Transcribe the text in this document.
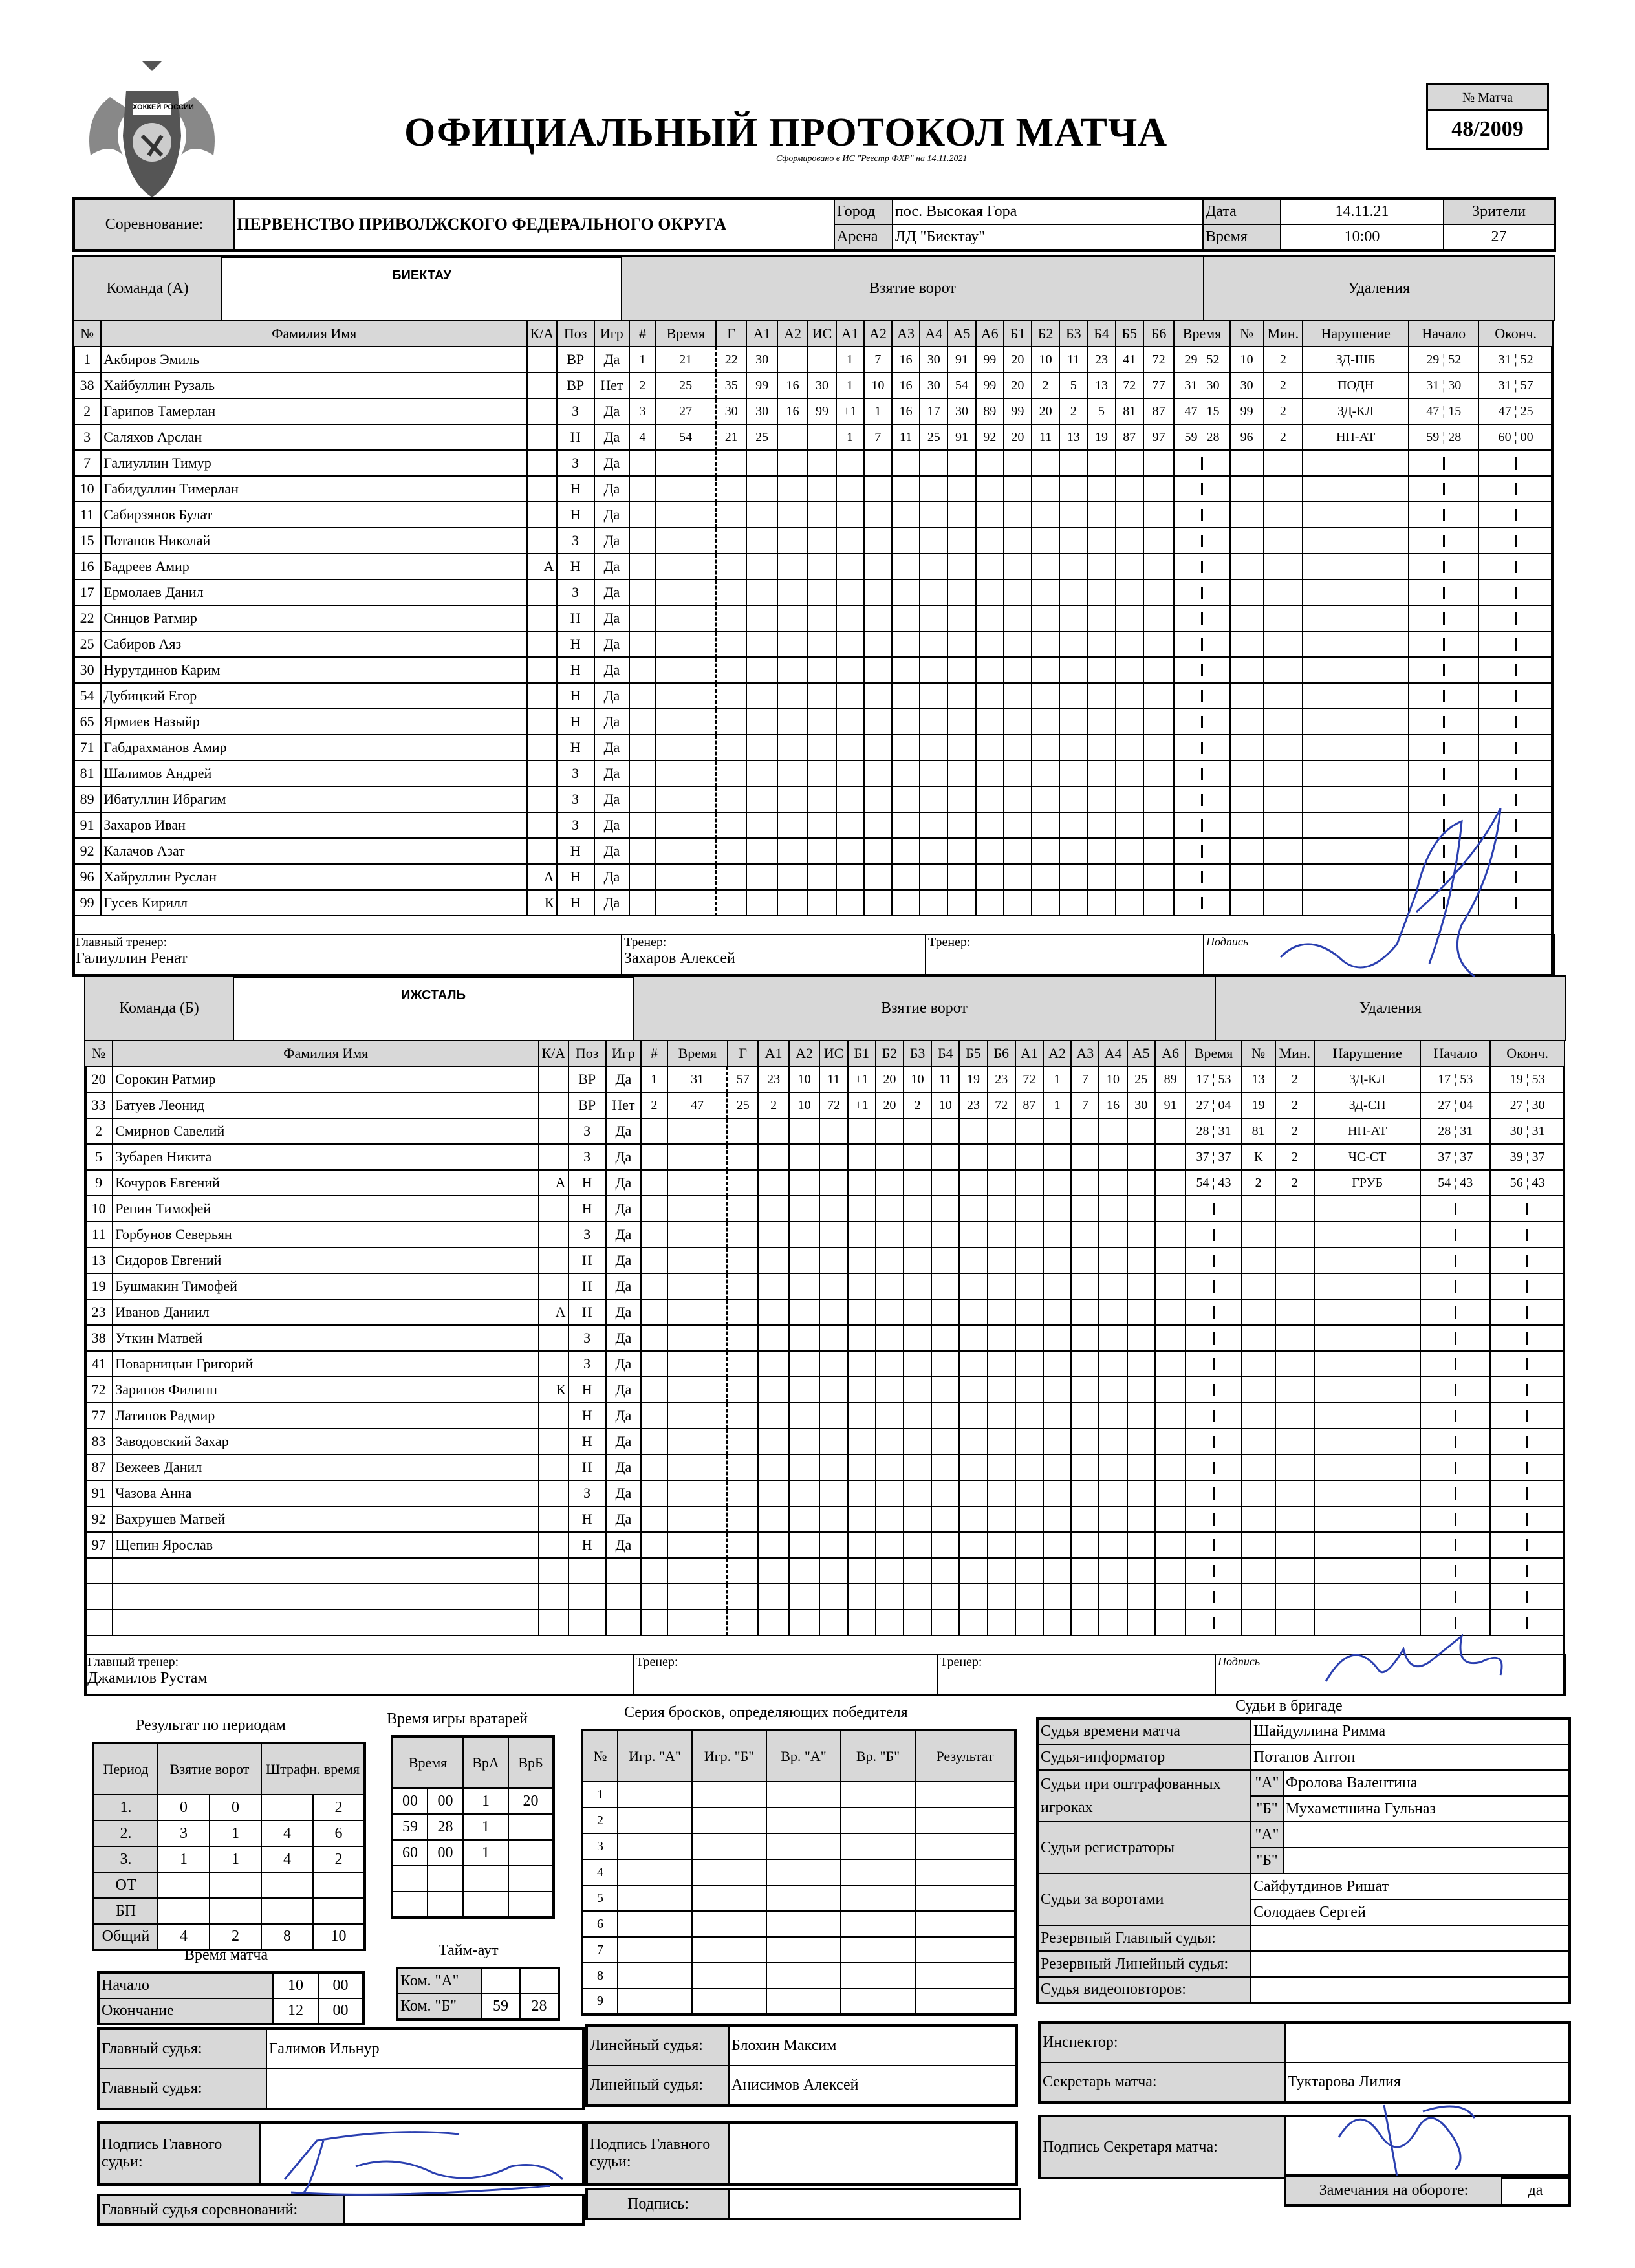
ХОККЕЙ РОССИИ
ОФИЦИАЛЬНЫЙ ПРОТОКОЛ МАТЧА
Сформировано в ИС "Реестр ФХР" на 14.11.2021
№ Матча
48/2009
Соревнование:	ПЕРВЕНСТВО ПРИВОЛЖСКОГО ФЕДЕРАЛЬНОГО ОКРУГА	Город	пос. Высокая Гора	Дата	14.11.21	Зрители
		Арена	ЛД "Биектау"	Время	10:00	27
Команда (А)	БИЕКТАУ	Взятие ворот	Удаления
№	Фамилия Имя	К/А	Поз	Игр	#	Время	Г	А1	А2	ИС	А1	А2	А3	А4	А5	А6	Б1	Б2	Б3	Б4	Б5	Б6	Время	№	Мин.	Нарушение	Начало	Оконч.
1	Акбиров Эмиль		ВР	Да	1	21	22	30			1	7	16	30	91	99	20	10	11	23	41	72	29 ¦ 52	10	2	ЗД-ШБ	29 ¦ 52	31 ¦ 52
38	Хайбуллин Рузаль		ВР	Нет	2	25	35	99	16	30	1	10	16	30	54	99	20	2	5	13	72	77	31 ¦ 30	30	2	ПОДН	31 ¦ 30	31 ¦ 57
2	Гарипов Тамерлан		З	Да	3	27	30	30	16	99	+1	1	16	17	30	89	99	20	2	5	81	87	47 ¦ 15	99	2	ЗД-КЛ	47 ¦ 15	47 ¦ 25
3	Саляхов Арслан		Н	Да	4	54	21	25			1	7	11	25	91	92	20	11	13	19	87	97	59 ¦ 28	96	2	НП-АТ	59 ¦ 28	60 ¦ 00
7	Галиуллин Тимур		З	Да																								
10	Габидуллин Тимерлан		Н	Да																								
11	Сабирзянов Булат		Н	Да																								
15	Потапов Николай		З	Да																								
16	Бадреев Амир	А	Н	Да																								
17	Ермолаев Данил		З	Да																								
22	Синцов Ратмир		Н	Да																								
25	Сабиров Аяз		Н	Да																								
30	Нурутдинов Карим		Н	Да																								
54	Дубицкий Егор		Н	Да																								
65	Ярмиев Назыйр		Н	Да																								
71	Габдрахманов Амир		Н	Да																								
81	Шалимов Андрей		З	Да																								
89	Ибатуллин Ибрагим		З	Да																								
91	Захаров Иван		З	Да																								
92	Калачов Азат		Н	Да																								
96	Хайруллин Руслан	А	Н	Да																								
99	Гусев Кирилл	К	Н	Да																								
Главный тренер:
Галиуллин Ренат

Тренер:
Захаров Алексей

Тренер:	Подпись
Команда (Б)	ИЖСТАЛЬ	Взятие ворот	Удаления
№	Фамилия Имя	К/А	Поз	Игр	#	Время	Г	А1	А2	ИС	Б1	Б2	Б3	Б4	Б5	Б6	А1	А2	А3	А4	А5	А6	Время	№	Мин.	Нарушение	Начало	Оконч.
20	Сорокин Ратмир		ВР	Да	1	31	57	23	10	11	+1	20	10	11	19	23	72	1	7	10	25	89	17 ¦ 53	13	2	ЗД-КЛ	17 ¦ 53	19 ¦ 53
33	Батуев Леонид		ВР	Нет	2	47	25	2	10	72	+1	20	2	10	23	72	87	1	7	16	30	91	27 ¦ 04	19	2	ЗД-СП	27 ¦ 04	27 ¦ 30
2	Смирнов Савелий		З	Да																			28 ¦ 31	81	2	НП-АТ	28 ¦ 31	30 ¦ 31
5	Зубарев Никита		З	Да																			37 ¦ 37	К	2	ЧС-СТ	37 ¦ 37	39 ¦ 37
9	Кочуров Евгений	А	Н	Да																			54 ¦ 43	2	2	ГРУБ	54 ¦ 43	56 ¦ 43
10	Репин Тимофей		Н	Да																								
11	Горбунов Северьян		З	Да																								
13	Сидоров Евгений		Н	Да																								
19	Бушмакин Тимофей		Н	Да																								
23	Иванов Даниил	А	Н	Да																								
38	Уткин Матвей		З	Да																								
41	Поварницын Григорий		З	Да																								
72	Зарипов Филипп	К	Н	Да																								
77	Латипов Радмир		Н	Да																								
83	Заводовский Захар		Н	Да																								
87	Вежеев Данил		Н	Да																								
91	Чазова Анна		З	Да																								
92	Вахрушев Матвей		Н	Да																								
97	Щепин Ярослав		Н	Да																								

Главный тренер:
Джамилов Рустам

Тренер:	Тренер:	Подпись
Результат по периодам
Период	Взятие ворот		Штрафн. время	
1.	0	0		2
2.	3	1	4	6
3.	1	1	4	2
ОТ				
БП				
Общий	4	2	8	10
Время игры вратарей
Время		ВрА	ВрБ
00	00	1	20
59	28	1	
60	00	1	

Серия бросков, определяющих победителя
№	Игр. "А"	Игр. "Б"	Вр. "А"	Вр. "Б"	Результат
1					
2					
3					
4					
5					
6					
7					
8					
9					
Судьи в бригаде
Судья времени матча	Шайдуллина Римма	
Судья-информатор	Потапов Антон	
Судьи при оштрафованных игроках	"А"	Фролова Валентина
	"Б"	Мухаметшина Гульназ
Судьи регистраторы	"А"	
	"Б"	
Судьи за воротами	Сайфутдинов Ришат	
	Солодаев Сергей	
Резервный Главный судья:		
Резервный Линейный судья:		
Судья видеоповторов:		
Время матча
Начало	10	00
Окончание	12	00
Тайм-аут
Ком. "А"		
Ком. "Б"	59	28
Главный судья:	Галимов Ильнур
Главный судья:	
Линейный судья:	Блохин Максим
Линейный судья:	Анисимов Алексей
Инспектор:	
Секретарь матча:	Туктарова Лилия
Подпись Главного судьи:	
Подпись Главного судьи:	
Подпись Секретаря матча:	
Главный судья соревнований:		Подпись:	
Замечания на обороте:	да
